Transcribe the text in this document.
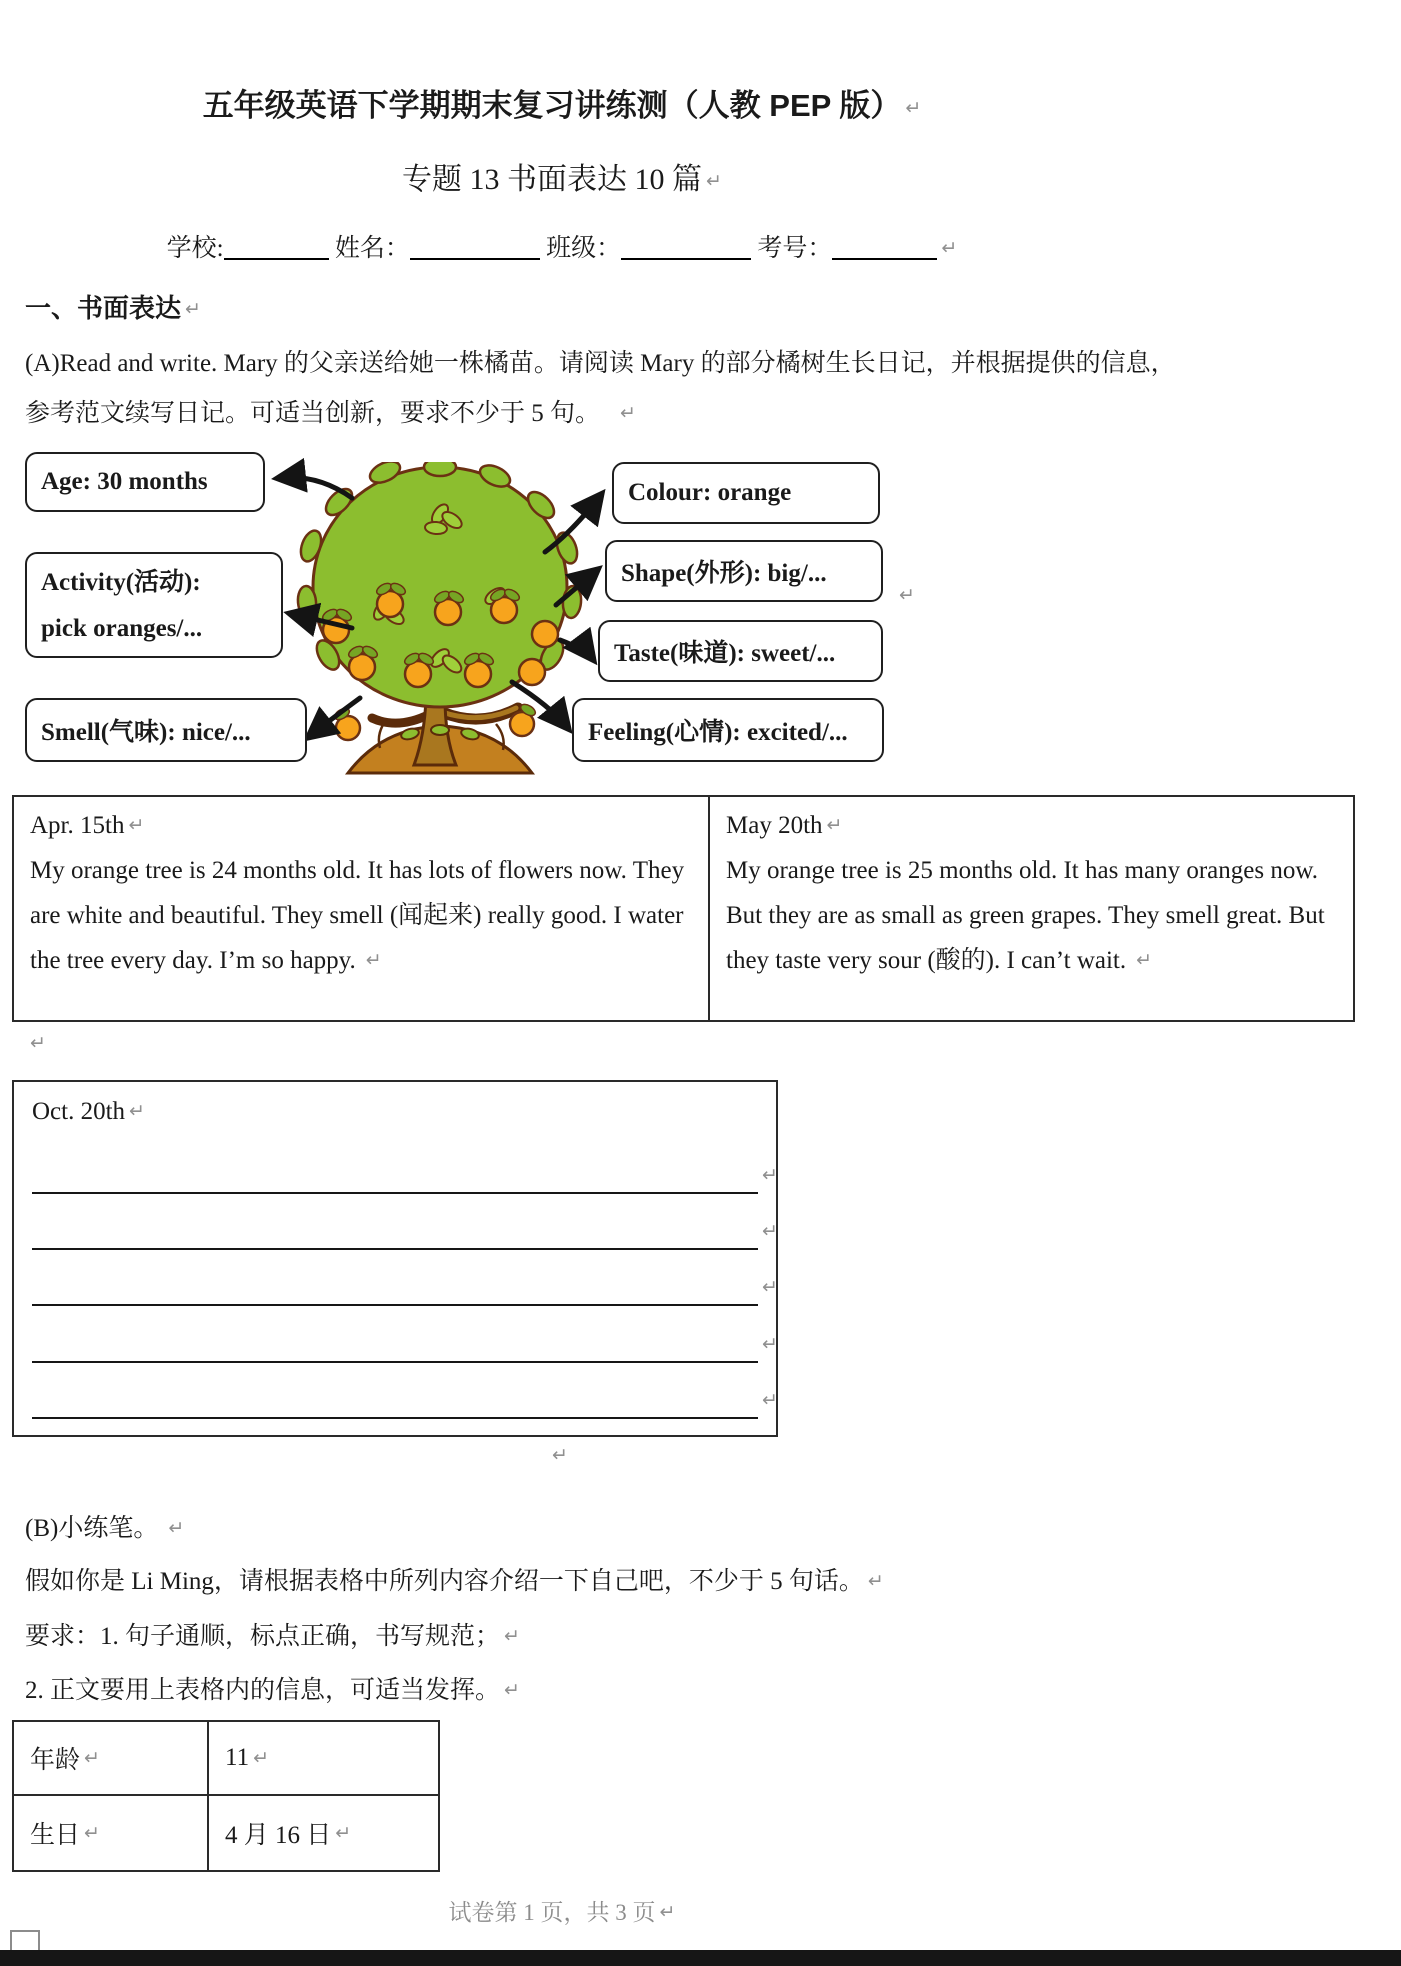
五年级英语下学期期末复习讲练测（人教 PEP 版） ↵
专题 13 书面表达 10 篇 ↵
学校:	姓名：	班级：	考号：	↵
一、书面表达 ↵
(A)Read and write. Mary 的父亲送给她一株橘苗。请阅读 Mary 的部分橘树生长日记，并根据提供的信息，
参考范文续写日记。可适当创新，要求不少于 5 句。 ↵
Age: 30 months	Colour: orange
Activity(活动):
pick oranges/...
Shape(外形): big/...
Taste(味道): sweet/...
Smell(气味): nice/...	Feeling(心情): excited/...
↵
Apr. 15th ↵
My orange tree is 24 months old. It has lots of flowers now. They are white and beautiful. They smell (闻起来) really good. I water the tree every day. I’m so happy. ↵
May 20th ↵
My orange tree is 25 months old. It has many oranges now. But they are as small as green grapes. They smell great. But they taste very sour (酸的). I can’t wait. ↵
↵
Oct. 20th ↵
↵
↵
↵
↵
↵
↵
(B)小练笔。 ↵
假如你是 Li Ming，请根据表格中所列内容介绍一下自己吧，不少于 5 句话。 ↵
要求：1. 句子通顺，标点正确，书写规范； ↵
2. 正文要用上表格内的信息，可适当发挥。 ↵
年龄 ↵	11 ↵
生日 ↵	4 月 16 日 ↵
试卷第 1 页，共 3 页 ↵
